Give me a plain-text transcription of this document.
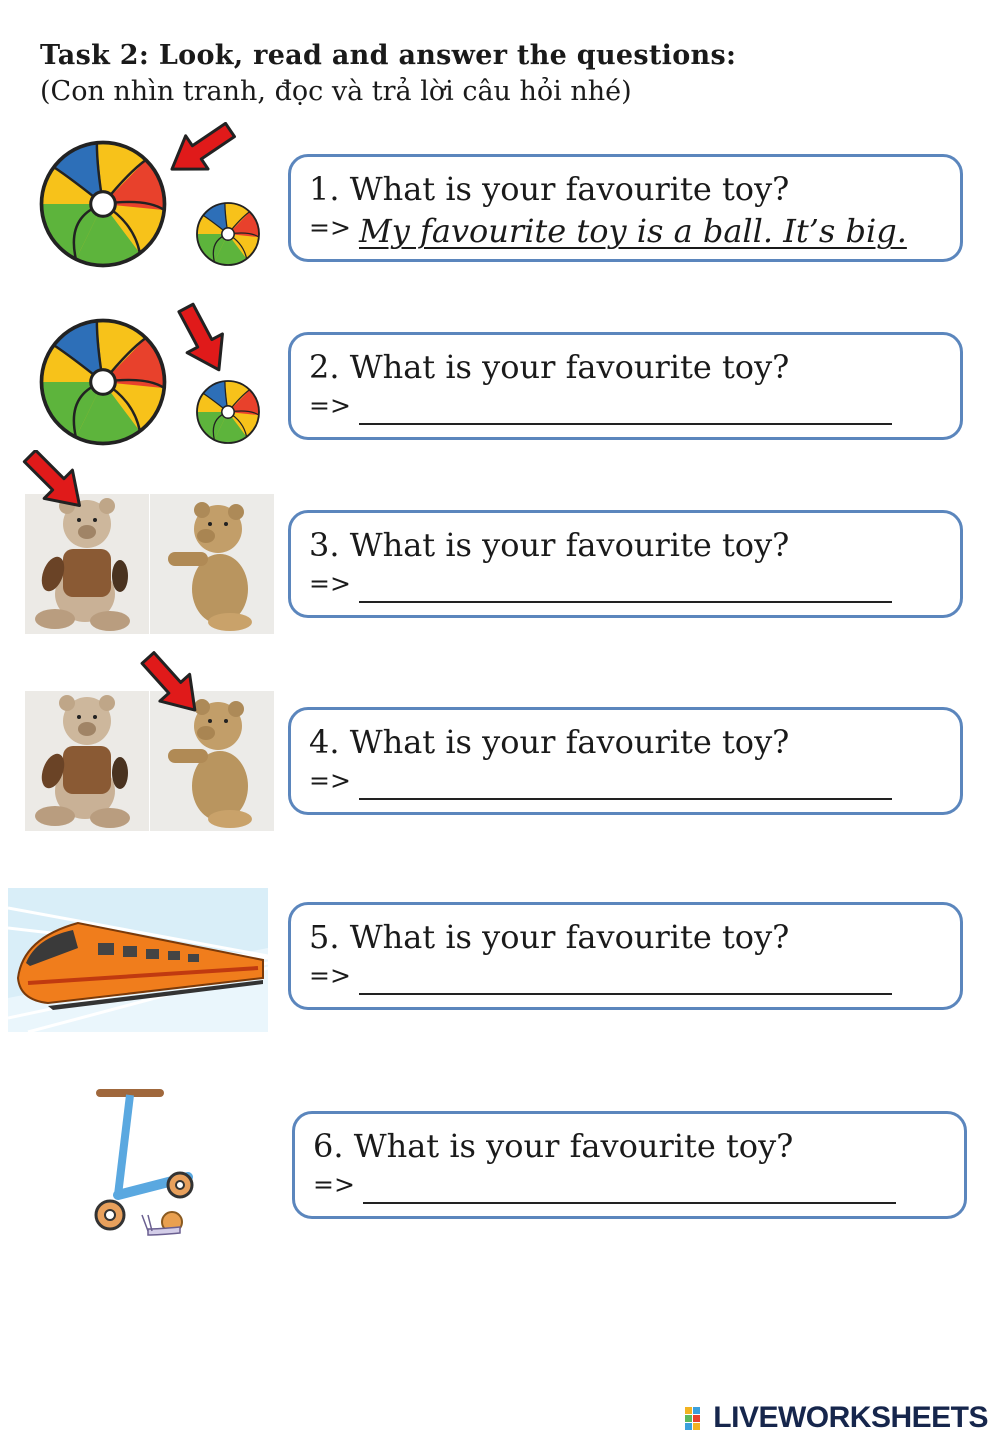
Task 2: Look, read and answer the questions:
(Con nhìn tranh, đọc và trả lời câu hỏi nhé)
1. What is your favourite toy?
=> My favourite toy is a ball. It’s big.
2. What is your favourite toy?
=>
3. What is your favourite toy?
=>
4. What is your favourite toy?
=>
5. What is your favourite toy?
=>
6. What is your favourite toy?
=>
LIVEWORKSHEETS
